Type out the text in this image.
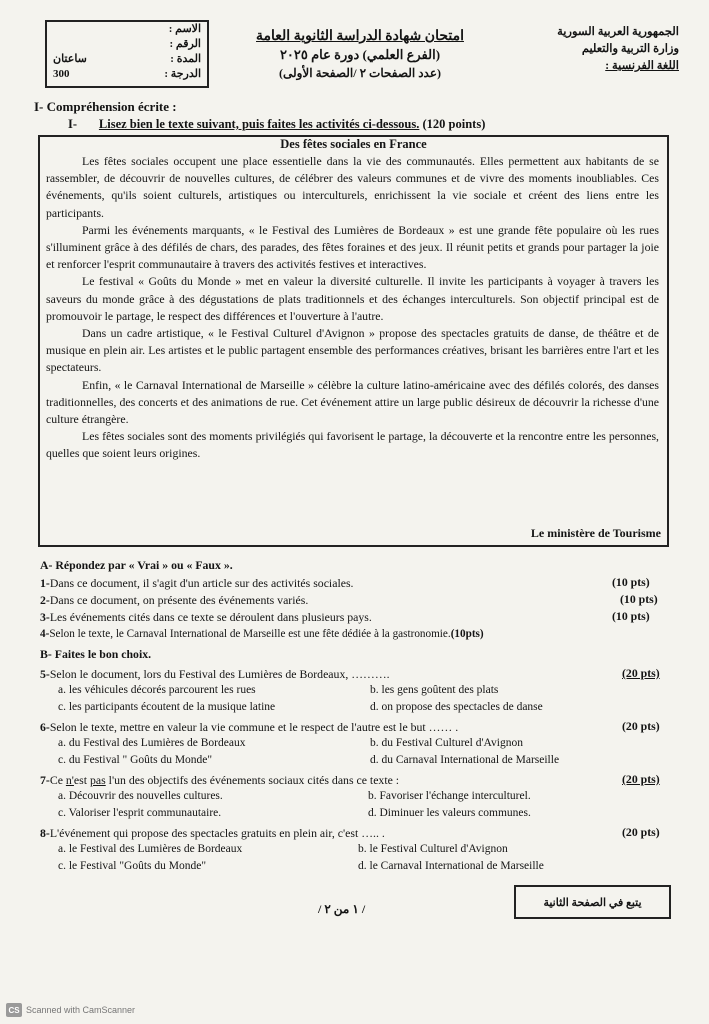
الجمهورية العربية السورية
وزارة التربية والتعليم
اللغة الفرنسية :
امتحان شهادة الدراسة الثانوية العامة
(الفرع العلمي) دورة عام ٢٠٢٥
(عدد الصفحات ٢ /الصفحة الأولى)
الاسم :
الرقم :
ساعتان	المدة :
300	الدرجة :
I- Compréhension écrite :
I- Lisez bien le texte suivant, puis faites les activités ci-dessous. (120 points)
Des fêtes sociales en France

Les fêtes sociales occupent une place essentielle dans la vie des communautés. Elles permettent aux habitants de se rassembler, de découvrir de nouvelles cultures, de célébrer des valeurs communes et de vivre des moments inoubliables. Ces événements, qu'ils soient culturels, artistiques ou interculturels, enrichissent la vie sociale et créent des liens entre les participants.

Parmi les événements marquants, « le Festival des Lumières de Bordeaux » est une grande fête populaire où les rues s'illuminent grâce à des défilés de chars, des parades, des fêtes foraines et des jeux. Il réunit petits et grands pour partager la joie et renforcer l'esprit communautaire à travers des activités festives et interactives.

Le festival « Goûts du Monde » met en valeur la diversité culturelle. Il invite les participants à voyager à travers les saveurs du monde grâce à des dégustations de plats traditionnels et des échanges interculturels. Son objectif principal est de promouvoir le partage, le respect des différences et l'ouverture à l'autre.

Dans un cadre artistique, « le Festival Culturel d'Avignon » propose des spectacles gratuits de danse, de théâtre et de musique en plein air. Les artistes et le public partagent ensemble des performances créatives, brisant les barrières entre l'art et les spectateurs.

Enfin, « le Carnaval International de Marseille » célèbre la culture latino-américaine avec des défilés colorés, des danses traditionnelles, des concerts et des animations de rue. Cet événement attire un large public désireux de découvrir la richesse d'une culture étrangère.

Les fêtes sociales sont des moments privilégiés qui favorisent le partage, la découverte et la rencontre entre les personnes, quelles que soient leurs origines.

Le ministère de Tourisme
A- Répondez par « Vrai » ou « Faux ».
1-Dans ce document, il s'agit d'un article sur des activités sociales.	(10 pts)
2-Dans ce document, on présente des événements variés.	(10 pts)
3-Les événements cités dans ce texte se déroulent dans plusieurs pays.	(10 pts)
4-Selon le texte, le Carnaval International de Marseille est une fête dédiée à la gastronomie.(10pts)
B- Faites le bon choix.
5-Selon le document, lors du Festival des Lumières de Bordeaux, ……….	(20 pts)
a. les véhicules décorés parcourent les rues	b. les gens goûtent des plats
c. les participants écoutent de la musique latine	d. on propose des spectacles de danse
6-Selon le texte, mettre en valeur la vie commune et le respect de l'autre est le but …… .	(20 pts)
a. du Festival des Lumières de Bordeaux	b. du Festival Culturel d'Avignon
c. du Festival " Goûts du Monde"	d. du Carnaval International de Marseille
7-Ce n'est pas l'un des objectifs des événements sociaux cités dans ce texte :	(20 pts)
a. Découvrir des nouvelles cultures.	b. Favoriser l'échange interculturel.
c. Valoriser l'esprit communautaire.	d. Diminuer les valeurs communes.
8-L'événement qui propose des spectacles gratuits en plein air, c'est ….. .	(20 pts)
a. le Festival des Lumières de Bordeaux	b. le Festival Culturel d'Avignon
c. le Festival "Goûts du Monde"	d. le Carnaval International de Marseille
يتبع في الصفحة الثانية
/ ١ من ٢ /
CS Scanned with CamScanner
